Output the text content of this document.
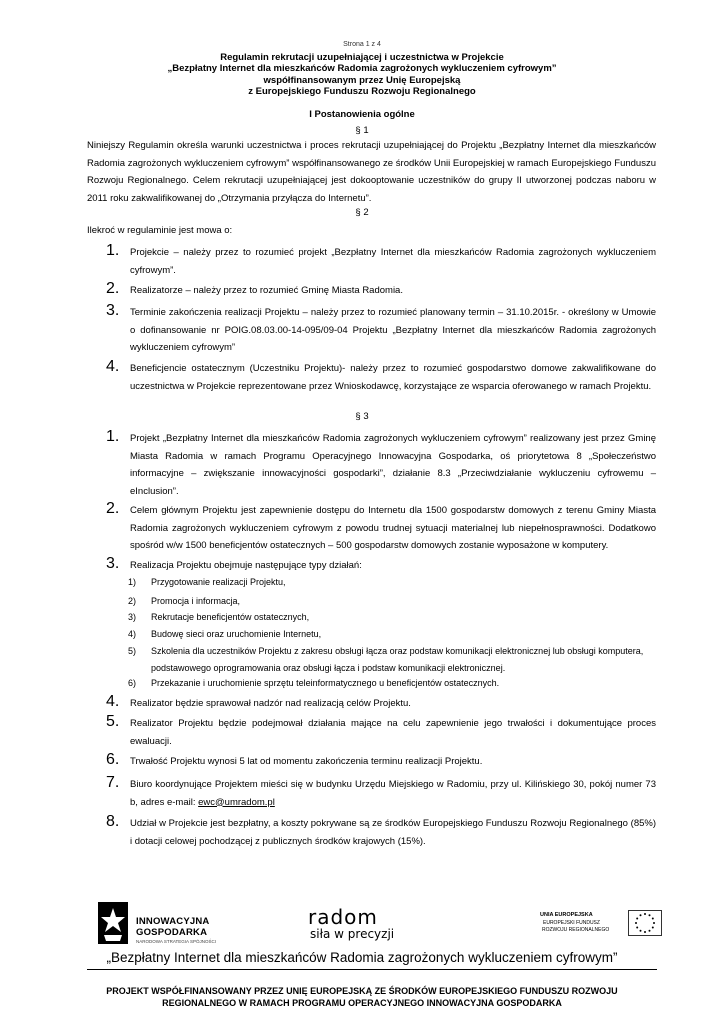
Strona 1 z 4
Regulamin rekrutacji uzupełniającej i uczestnictwa w Projekcie
„Bezpłatny Internet dla mieszkańców Radomia zagrożonych wykluczeniem cyfrowym”
współfinansowanym przez Unię Europejską
z Europejskiego Funduszu Rozwoju Regionalnego
I Postanowienia ogólne
§ 1
Niniejszy Regulamin określa warunki uczestnictwa i proces rekrutacji uzupełniającej do Projektu „Bezpłatny Internet dla mieszkańców Radomia zagrożonych wykluczeniem cyfrowym” współfinansowanego ze środków Unii Europejskiej w ramach Europejskiego Funduszu Rozwoju Regionalnego. Celem rekrutacji uzupełniającej jest dokooptowanie uczestników do grupy II utworzonej podczas naboru w 2011 roku zakwalifikowanej do „Otrzymania przyłącza do Internetu”.
§ 2
Ilekroć w regulaminie jest mowa o:
1. Projekcie – należy przez to rozumieć projekt „Bezpłatny Internet dla mieszkańców Radomia zagrożonych wykluczeniem cyfrowym”.
2. Realizatorze – należy przez to rozumieć Gminę Miasta Radomia.
3. Terminie zakończenia realizacji Projektu – należy przez to rozumieć planowany termin – 31.10.2015r. - określony w Umowie o dofinansowanie nr POIG.08.03.00-14-095/09-04 Projektu „Bezpłatny Internet dla mieszkańców Radomia zagrożonych wykluczeniem cyfrowym”
4. Beneficjencie ostatecznym (Uczestniku Projektu)- należy przez to rozumieć gospodarstwo domowe zakwalifikowane do uczestnictwa w Projekcie reprezentowane przez Wnioskodawcę, korzystające ze wsparcia oferowanego w ramach Projektu.
§ 3
1. Projekt „Bezpłatny Internet dla mieszkańców Radomia zagrożonych wykluczeniem cyfrowym” realizowany jest przez Gminę Miasta Radomia w ramach Programu Operacyjnego Innowacyjna Gospodarka, oś priorytetowa 8 „Społeczeństwo informacyjne – zwiększanie innowacyjności gospodarki”, działanie 8.3 „Przeciwdziałanie wykluczeniu cyfrowemu – eInclusion”.
2. Celem głównym Projektu jest zapewnienie dostępu do Internetu dla 1500 gospodarstw domowych z terenu Gminy Miasta Radomia zagrożonych wykluczeniem cyfrowym z powodu trudnej sytuacji materialnej lub niepełnosprawności. Dodatkowo spośród w/w 1500 beneficjentów ostatecznych – 500 gospodarstw domowych zostanie wyposażone w komputery.
3. Realizacja Projektu obejmuje następujące typy działań:
1) Przygotowanie realizacji Projektu,
2) Promocja i informacja,
3) Rekrutacje beneficjentów ostatecznych,
4) Budowę sieci oraz uruchomienie Internetu,
5) Szkolenia dla uczestników Projektu z zakresu obsługi łącza oraz podstaw komunikacji elektronicznej lub obsługi komputera, podstawowego oprogramowania oraz obsługi łącza i podstaw komunikacji elektronicznej.
6) Przekazanie i uruchomienie sprzętu teleinformatycznego u beneficjentów ostatecznych.
4. Realizator będzie sprawował nadzór nad realizacją celów Projektu.
5. Realizator Projektu będzie podejmował działania mające na celu zapewnienie jego trwałości i dokumentujące proces ewaluacji.
6. Trwałość Projektu wynosi 5 lat od momentu zakończenia terminu realizacji Projektu.
7. Biuro koordynujące Projektem mieści się w budynku Urzędu Miejskiego w Radomiu, przy ul. Kilińskiego 30, pokój numer 73 b, adres e-mail: ewc@umradom.pl
8. Udział w Projekcie jest bezpłatny, a koszty pokrywane są ze środków Europejskiego Funduszu Rozwoju Regionalnego (85%) i dotacji celowej pochodzącej z publicznych środków krajowych (15%).
INNOWACYJNA
GOSPODARKA
NARODOWA STRATEGIA SPÓJNOŚCI
radom
siła w precyzji
UNIA EUROPEJSKA
EUROPEJSKI FUNDUSZ
ROZWOJU REGIONALNEGO
„Bezpłatny Internet dla mieszkańców Radomia zagrożonych wykluczeniem cyfrowym”
PROJEKT WSPÓŁFINANSOWANY PRZEZ UNIĘ EUROPEJSKĄ ZE ŚRODKÓW EUROPEJSKIEGO FUNDUSZU ROZWOJU
REGIONALNEGO W RAMACH PROGRAMU OPERACYJNEGO INNOWACYJNA GOSPODARKA
